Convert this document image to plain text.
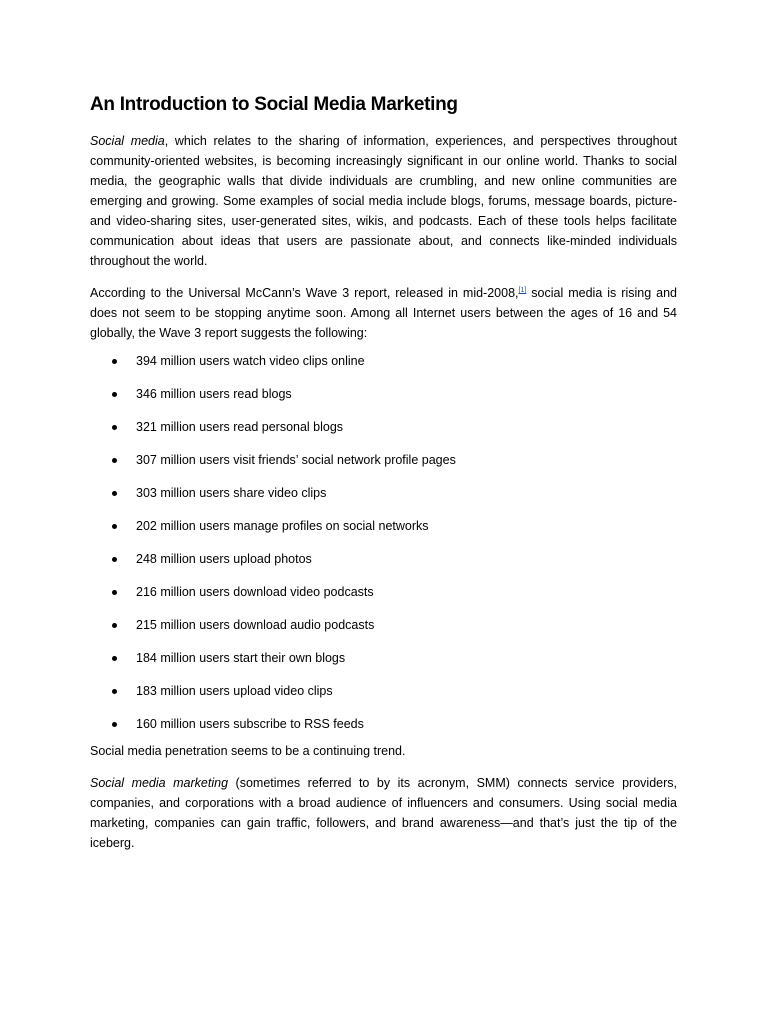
An Introduction to Social Media Marketing

Social media, which relates to the sharing of information, experiences, and perspectives throughout community-oriented websites, is becoming increasingly significant in our online world. Thanks to social media, the geographic walls that divide individuals are crumbling, and new online communities are emerging and growing. Some examples of social media include blogs, forums, message boards, picture- and video-sharing sites, user-generated sites, wikis, and podcasts. Each of these tools helps facilitate communication about ideas that users are passionate about, and connects like-minded individuals throughout the world.

According to the Universal McCann’s Wave 3 report, released in mid-2008,[1] social media is rising and does not seem to be stopping anytime soon. Among all Internet users between the ages of 16 and 54 globally, the Wave 3 report suggests the following:

394 million users watch video clips online
346 million users read blogs
321 million users read personal blogs
307 million users visit friends’ social network profile pages
303 million users share video clips
202 million users manage profiles on social networks
248 million users upload photos
216 million users download video podcasts
215 million users download audio podcasts
184 million users start their own blogs
183 million users upload video clips
160 million users subscribe to RSS feeds

Social media penetration seems to be a continuing trend.

Social media marketing (sometimes referred to by its acronym, SMM) connects service providers, companies, and corporations with a broad audience of influencers and consumers. Using social media marketing, companies can gain traffic, followers, and brand awareness—and that’s just the tip of the iceberg.
